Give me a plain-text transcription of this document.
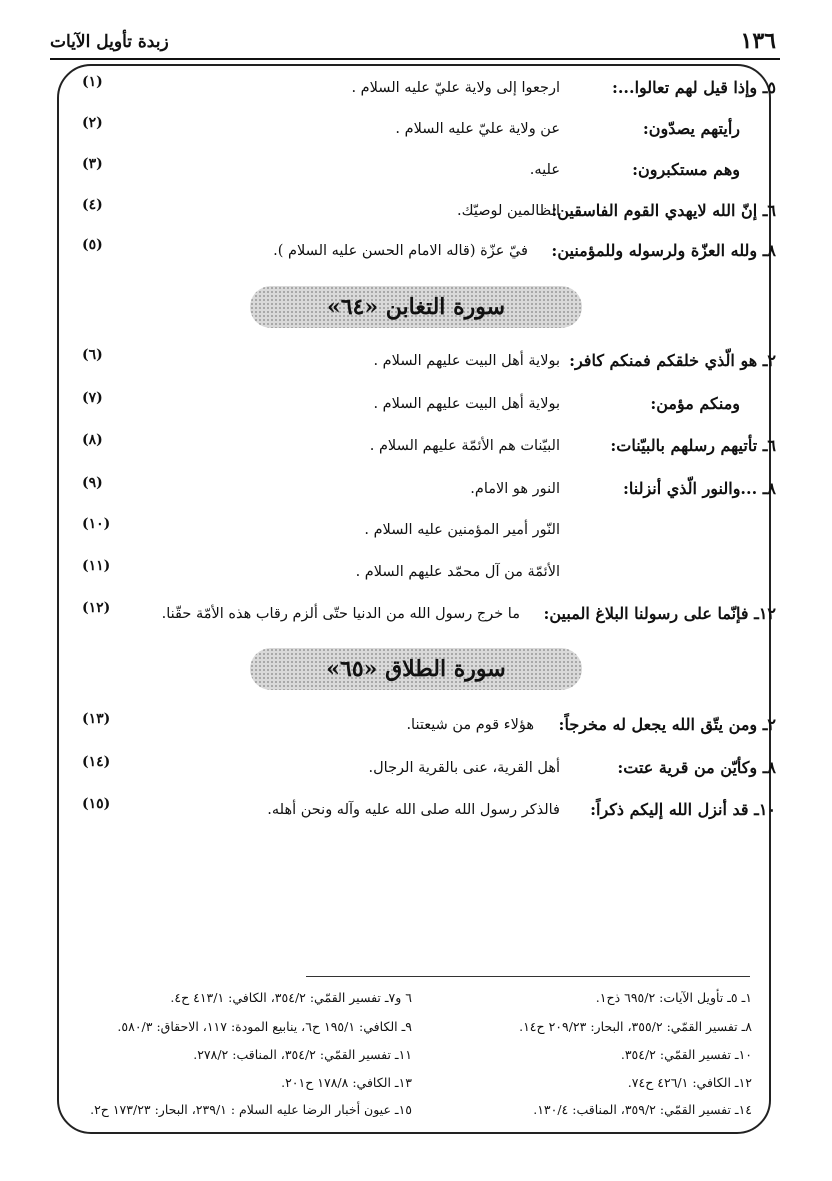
١٣٦
زبدة تأويل الآيات
٥ـ وإذا قيل لهم تعالوا...:
ارجعوا إلى ولاية عليّ عليه السلام .
(١)
رأيتهم يصدّون:
عن ولاية عليّ عليه السلام .
(٢)
وهم مستكبرون:
عليه.
(٣)
٦ـ إنّ الله لايهدي القوم الفاسقين:
الظالمين لوصيّك.
(٤)
٨ـ ولله العزّة ولرسوله وللمؤمنين:
فيّ عزّة (قاله الامام الحسن عليه السلام ).
(٥)
سورة التغابن «٦٤»
٢ـ هو الّذي خلقكم فمنكم كافر:
بولاية أهل البيت عليهم السلام .
(٦)
ومنكم مؤمن:
بولاية أهل البيت عليهم السلام .
(٧)
٦ـ تأتيهم رسلهم بالبيّنات:
البيّنات هم الأئمّة عليهم السلام .
(٨)
٨ـ ...والنور الّذي أنزلنا:
النور هو الامام.
(٩)
النّور أمير المؤمنين عليه السلام .
(١٠)
الأئمّة من آل محمّد عليهم السلام .
(١١)
١٢ـ فإنّما على رسولنا البلاغ المبين:
ما خرج رسول الله من الدنيا حتّى ألزم رقاب هذه الأمّة حقّنا.
(١٢)
سورة الطلاق «٦٥»
٢ـ ومن يتّق الله يجعل له مخرجاً:
هؤلاء قوم من شيعتنا.
(١٣)
٨ـ وكأيّن من قرية عتت:
أهل القرية، عنى بالقرية الرجال.
(١٤)
١٠ـ قد أنزل الله إليكم ذكراً:
فالذكر رسول الله صلى الله عليه وآله ونحن أهله.
(١٥)
١ـ ٥ـ تأويل الآيات: ٦٩٥/٢ ذح١.
٦ و٧ـ تفسير القمّي: ٣٥٤/٢، الكافي: ٤١٣/١ ح٤.
٨ـ تفسير القمّي: ٣٥٥/٢، البحار: ٢٠٩/٢٣ ح١٤.
٩ـ الكافي: ١٩٥/١ ح٦، ينابيع المودة: ١١٧، الاحقاق: ٥٨٠/٣.
١٠ـ تفسير القمّي: ٣٥٤/٢.
١١ـ تفسير القمّي: ٣٥٤/٢، المناقب: ٢٧٨/٢.
١٢ـ الكافي: ٤٢٦/١ ح٧٤.
١٣ـ الكافي: ١٧٨/٨ ح٢٠١.
١٤ـ تفسير القمّي: ٣٥٩/٢، المناقب: ١٣٠/٤.
١٥ـ عيون أخبار الرضا عليه السلام : ٢٣٩/١، البحار: ١٧٣/٢٣ ح٢.
